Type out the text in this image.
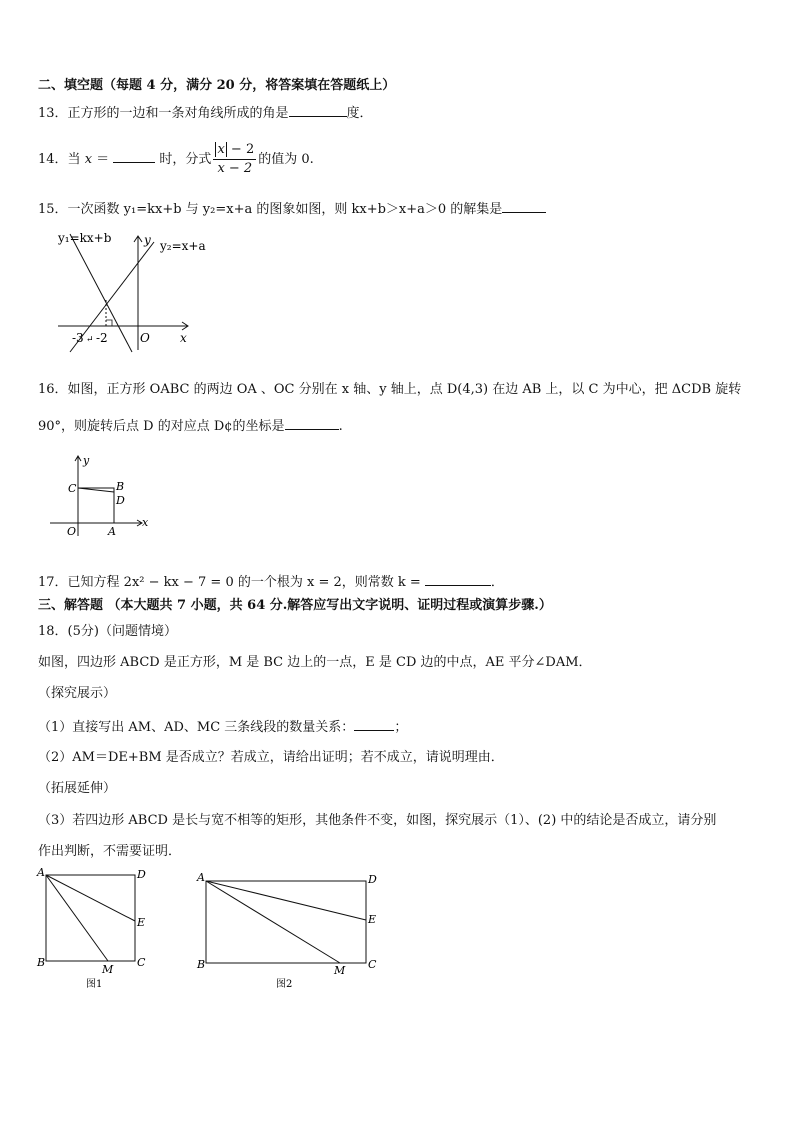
二、填空题（每题 4 分，满分 20 分，将答案填在答题纸上）
13．正方形的一边和一条对角线所成的角是	度．
14．当 x ＝	时，分式 $\frac{x - 2}{x - 2}$ 的值为 0.
15．一次函数 y₁=kx+b 与 y₂=x+a 的图象如图，则 kx+b＞x+a＞0 的解集是
y₁=kx+b
y₂=x+a
y
x
O
-3 ↵ -2
16．如图，正方形 OABC 的两边 OA 、OC 分别在 x 轴、y 轴上，点 D(4,3) 在边 AB 上，以 C 为中心，把 ΔCDB 旋转
90°，则旋转后点 D 的对应点 D¢的坐标是	.
y
x
O	A
B
C
D
17．已知方程 2x² − kx − 7 = 0 的一个根为 x = 2，则常数 k =	．
三、解答题 （本大题共 7 小题，共 64 分.解答应写出文字说明、证明过程或演算步骤.）
18．(5分)（问题情境）
如图，四边形 ABCD 是正方形，M 是 BC 边上的一点，E 是 CD 边的中点，AE 平分∠DAM．
（探究展示）
（1）直接写出 AM、AD、MC 三条线段的数量关系：	；
（2）AM＝DE+BM 是否成立？若成立，请给出证明；若不成立，请说明理由．
（拓展延伸）
（3）若四边形 ABCD 是长与宽不相等的矩形，其他条件不变，如图，探究展示（1）、(2) 中的结论是否成立，请分别
作出判断，不需要证明．
A	D
E
B
M
C
图1
A	D
E
B	M C
图2
